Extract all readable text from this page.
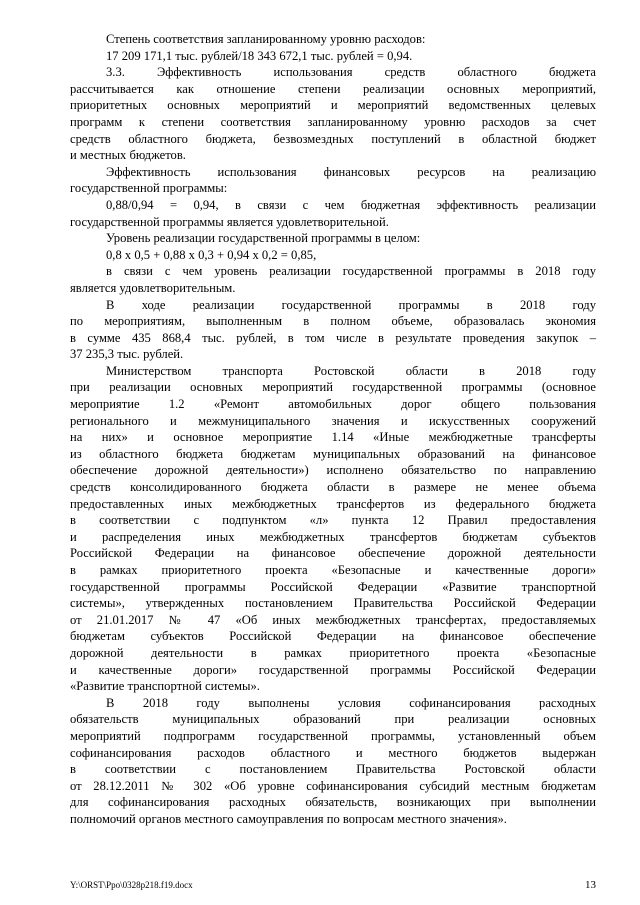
Степень соответствия запланированному уровню расходов:
17 209 171,1 тыс. рублей/18 343 672,1 тыс. рублей = 0,94.
3.3. Эффективность использования средств областного бюджета
рассчитывается как отношение степени реализации основных мероприятий,
приоритетных основных мероприятий и мероприятий ведомственных целевых
программ к степени соответствия запланированному уровню расходов за счет
средств областного бюджета, безвозмездных поступлений в областной бюджет
и местных бюджетов.
Эффективность использования финансовых ресурсов на реализацию
государственной программы:
0,88/0,94 = 0,94, в связи с чем бюджетная эффективность реализации
государственной программы является удовлетворительной.
Уровень реализации государственной программы в целом:
0,8 х 0,5 + 0,88 х 0,3 + 0,94 х 0,2 = 0,85,
в связи с чем уровень реализации государственной программы в 2018 году
является удовлетворительным.
В ходе реализации государственной программы в 2018 году
по мероприятиям, выполненным в полном объеме, образовалась экономия
в сумме 435 868,4 тыс. рублей, в том числе в результате проведения закупок –
37 235,3 тыс. рублей.
Министерством транспорта Ростовской области в 2018 году
при реализации основных мероприятий государственной программы (основное
мероприятие 1.2 «Ремонт автомобильных дорог общего пользования
регионального и межмуниципального значения и искусственных сооружений
на них» и основное мероприятие 1.14 «Иные межбюджетные трансферты
из областного бюджета бюджетам муниципальных образований на финансовое
обеспечение дорожной деятельности») исполнено обязательство по направлению
средств консолидированного бюджета области в размере не менее объема
предоставленных иных межбюджетных трансфертов из федерального бюджета
в соответствии с подпунктом «л» пункта 12 Правил предоставления
и распределения иных межбюджетных трансфертов бюджетам субъектов
Российской Федерации на финансовое обеспечение дорожной деятельности
в рамках приоритетного проекта «Безопасные и качественные дороги»
государственной программы Российской Федерации «Развитие транспортной
системы», утвержденных постановлением Правительства Российской Федерации
от 21.01.2017 № 47 «Об иных межбюджетных трансфертах, предоставляемых
бюджетам субъектов Российской Федерации на финансовое обеспечение
дорожной деятельности в рамках приоритетного проекта «Безопасные
и качественные дороги» государственной программы Российской Федерации
«Развитие транспортной системы».
В 2018 году выполнены условия софинансирования расходных
обязательств муниципальных образований при реализации основных
мероприятий подпрограмм государственной программы, установленный объем
софинансирования расходов областного и местного бюджетов выдержан
в соответствии с постановлением Правительства Ростовской области
от 28.12.2011 № 302 «Об уровне софинансирования субсидий местным бюджетам
для софинансирования расходных обязательств, возникающих при выполнении
полномочий органов местного самоуправления по вопросам местного значения».
Y:\ORST\Ppo\0328p218.f19.docx	13
